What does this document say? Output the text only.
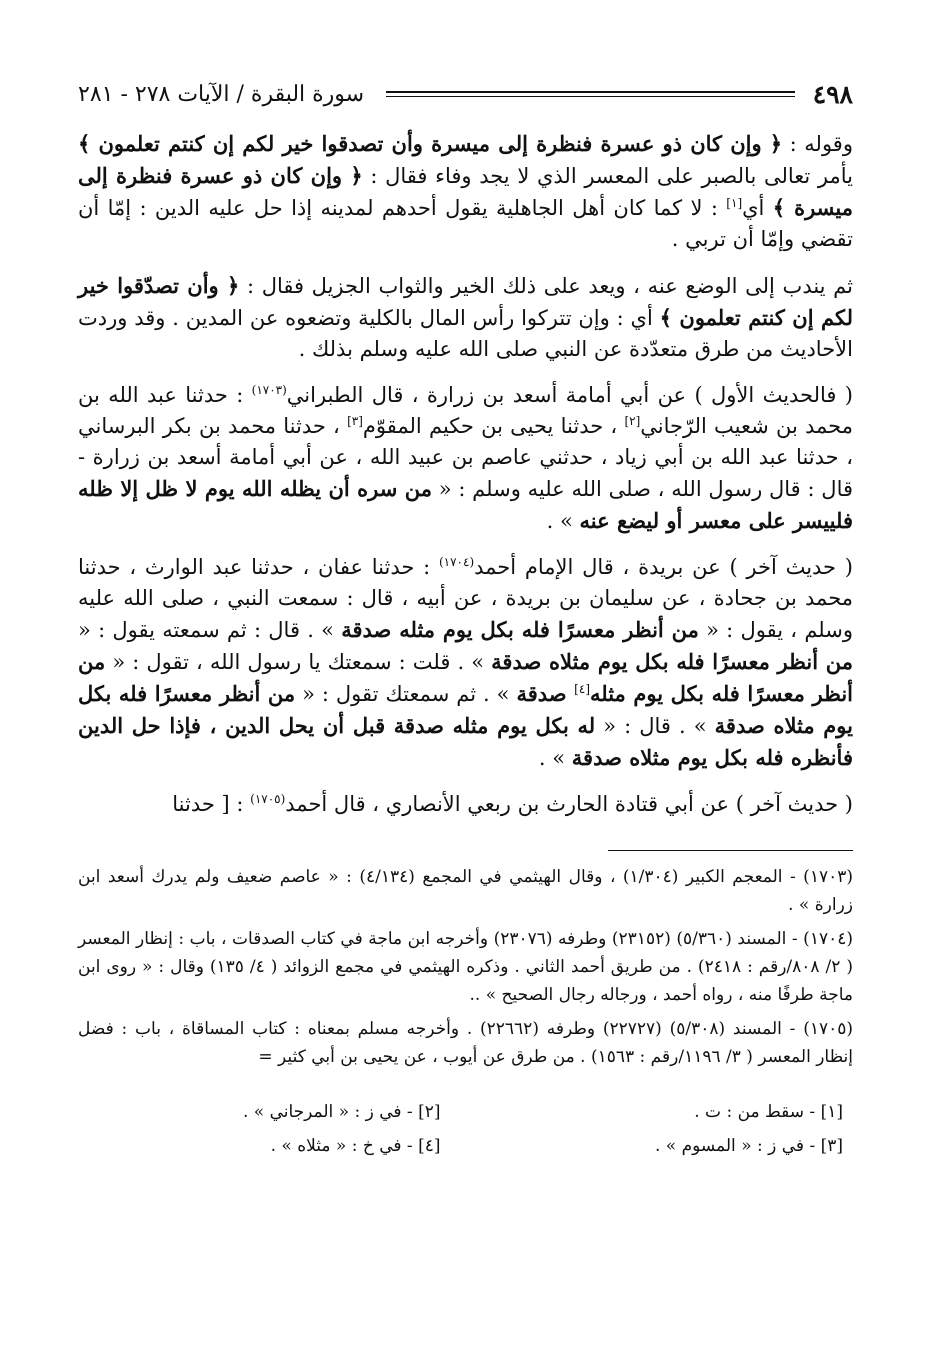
٤٩٨
سورة البقرة / الآيات ٢٧٨ - ٢٨١

وقوله : ﴿ وإن كان ذو عسرة فنظرة إلى ميسرة وأن تصدقوا خير لكم إن كنتم تعلمون ﴾ يأمر تعالى بالصبر على المعسر الذي لا يجد وفاء فقال : ﴿ وإن كان ذو عسرة فنظرة إلى ميسرة ﴾ أي[١] : لا كما كان أهل الجاهلية يقول أحدهم لمدينه إذا حل عليه الدين : إمّا أن تقضي وإمّا أن تربي .

ثم يندب إلى الوضع عنه ، ويعد على ذلك الخير والثواب الجزيل فقال : ﴿ وأن تصدّقوا خير لكم إن كنتم تعلمون ﴾ أي : وإن تتركوا رأس المال بالكلية وتضعوه عن المدين . وقد وردت الأحاديث من طرق متعدّدة عن النبي صلى الله عليه وسلم بذلك .

( فالحديث الأول ) عن أبي أمامة أسعد بن زرارة ، قال الطبراني$^{(١٧٠٣)}$ : حدثنا عبد الله بن محمد بن شعيب الرّجاني[٢] ، حدثنا يحيى بن حكيم المقوّم[٣] ، حدثنا محمد بن بكر البرساني ، حدثنا عبد الله بن أبي زياد ، حدثني عاصم بن عبيد الله ، عن أبي أمامة أسعد بن زرارة - قال : قال رسول الله ، صلى الله عليه وسلم : « من سره أن يظله الله يوم لا ظل إلا ظله فلييسر على معسر أو ليضع عنه » .

( حديث آخر ) عن بريدة ، قال الإمام أحمد$^{(١٧٠٤)}$ : حدثنا عفان ، حدثنا عبد الوارث ، حدثنا محمد بن جحادة ، عن سليمان بن بريدة ، عن أبيه ، قال : سمعت النبي ، صلى الله عليه وسلم ، يقول : « من أنظر معسرًا فله بكل يوم مثله صدقة » . قال : ثم سمعته يقول : « من أنظر معسرًا فله بكل يوم مثلاه صدقة » . قلت : سمعتك يا رسول الله ، تقول : « من أنظر معسرًا فله بكل يوم مثله[٤] صدقة » . ثم سمعتك تقول : « من أنظر معسرًا فله بكل يوم مثلاه صدقة » . قال : « له بكل يوم مثله صدقة قبل أن يحل الدين ، فإذا حل الدين فأنظره فله بكل يوم مثلاه صدقة » .

( حديث آخر ) عن أبي قتادة الحارث بن ربعي الأنصاري ، قال أحمد$^{(١٧٠٥)}$ : [ حدثنا

(١٧٠٣) - المعجم الكبير (١/٣٠٤) ، وقال الهيثمي في المجمع (٤/١٣٤) : « عاصم ضعيف ولم يدرك أسعد ابن زرارة » .

(١٧٠٤) - المسند (٥/٣٦٠) (٢٣١٥٢) وطرفه (٢٣٠٧٦) وأخرجه ابن ماجة في كتاب الصدقات ، باب : إنظار المعسر ( ٢/ ٨٠٨/رقم : ٢٤١٨) . من طريق أحمد الثاني . وذكره الهيثمي في مجمع الزوائد ( ٤/ ١٣٥) وقال : « روى ابن ماجة طرفًا منه ، رواه أحمد ، ورجاله رجال الصحيح » ..

(١٧٠٥) - المسند (٥/٣٠٨) (٢٢٧٢٧) وطرفه (٢٢٦٦٢) . وأخرجه مسلم بمعناه : كتاب المساقاة ، باب : فضل إنظار المعسر ( ٣/ ١١٩٦/رقم : ١٥٦٣) . من طرق عن أيوب ، عن يحيى بن أبي كثير =

[١] - سقط من : ت .
[٢] - في ز : « المرجاني » .
[٣] - في ز : « المسوم » .
[٤] - في خ : « مثلاه » .
